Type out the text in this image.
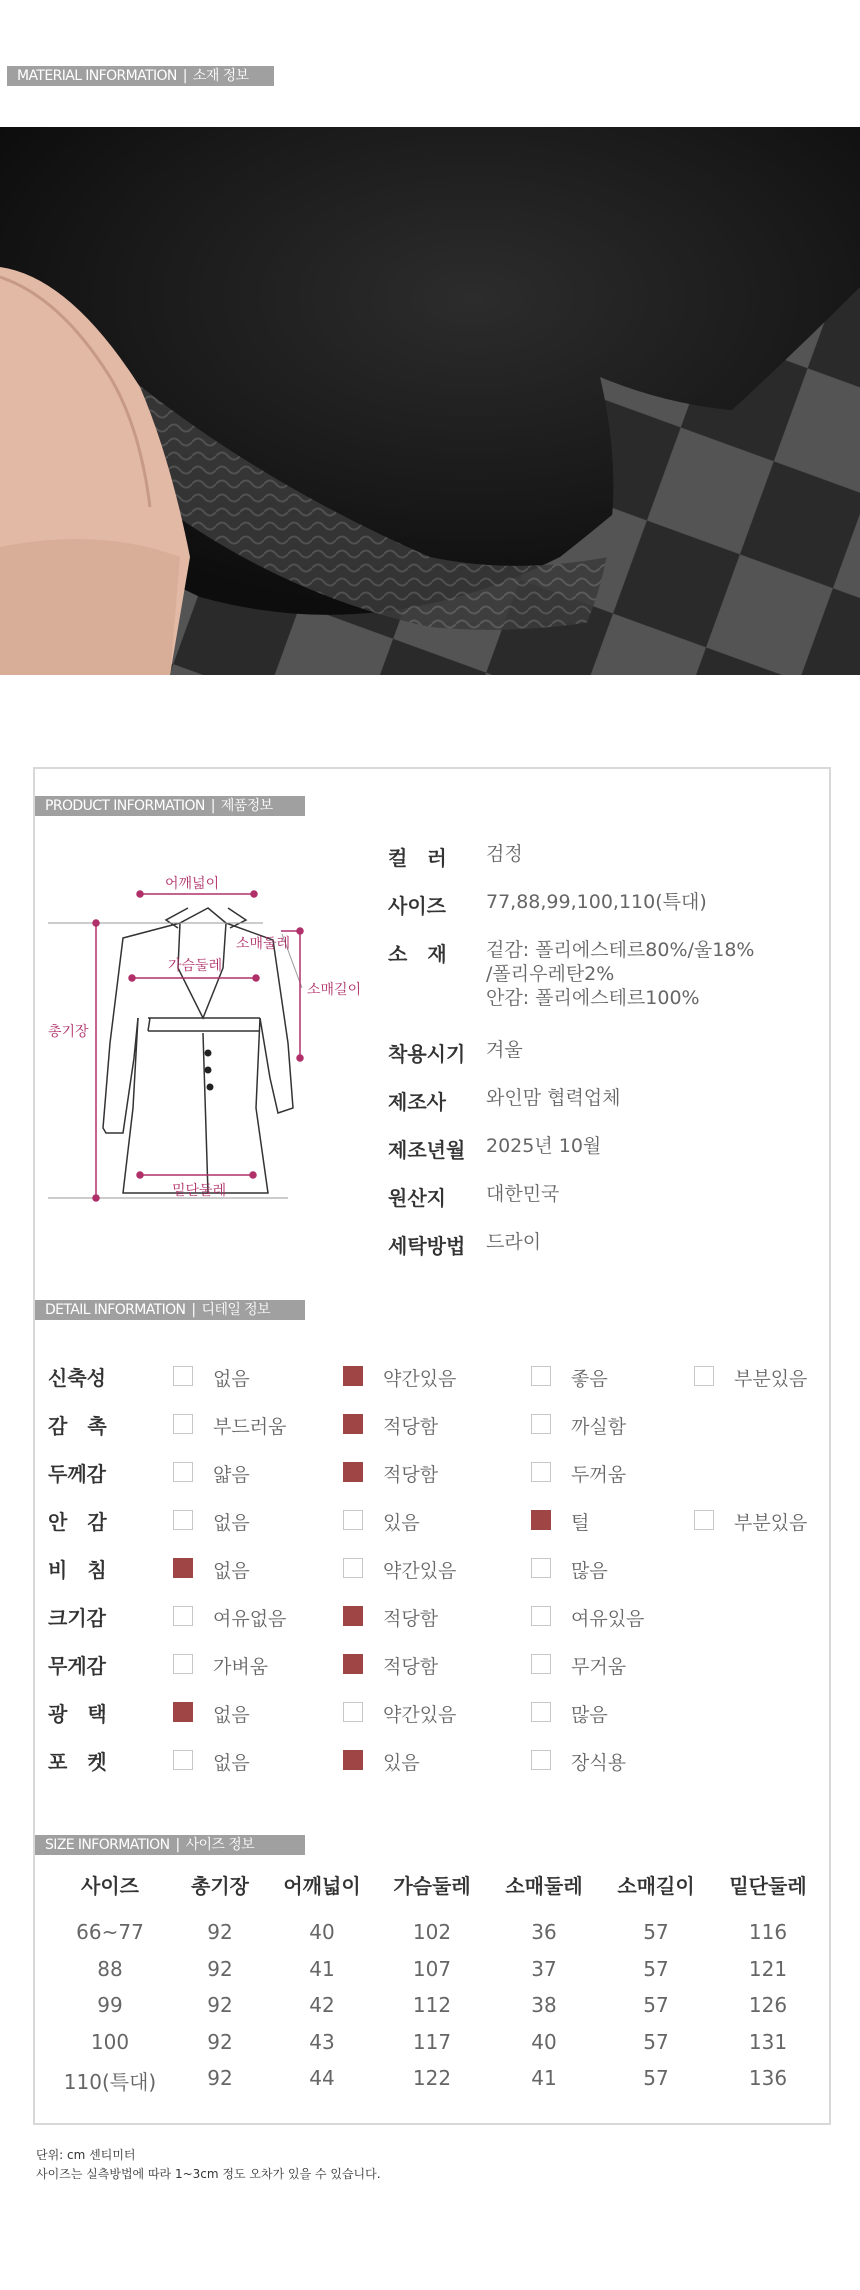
MATERIAL INFORMATION | 소재 정보
PRODUCT INFORMATION | 제품정보
어깨넓이
소매둘레
가슴둘레
소매길이
총기장
밑단둘레
컬　러	검정
사이즈	77,88,99,100,110(특대)
소　재	겉감: 폴리에스테르80%/울18%
/폴리우레탄2%
안감: 폴리에스테르100%
착용시기	겨울
제조사	와인맘 협력업체
제조년월	2025년 10월
원산지	대한민국
세탁방법	드라이
DETAIL INFORMATION | 디테일 정보
신축성	없음	약간있음	좋음	부분있음
감　촉	부드러움	적당함	까실함
두께감	얇음	적당함	두꺼움
안　감	없음	있음	털	부분있음
비　침	없음	약간있음	많음
크기감	여유없음	적당함	여유있음
무게감	가벼움	적당함	무거움
광　택	없음	약간있음	많음
포　켓	없음	있음	장식용
SIZE INFORMATION | 사이즈 정보
사이즈	총기장	어깨넓이	가슴둘레	소매둘레	소매길이	밑단둘레
66~77	92	40	102	36	57	116
88	92	41	107	37	57	121
99	92	42	112	38	57	126
100	92	43	117	40	57	131
110(특대)	92	44	122	41	57	136
단위: cm 센티미터
사이즈는 실측방법에 따라 1~3cm 정도 오차가 있을 수 있습니다.
